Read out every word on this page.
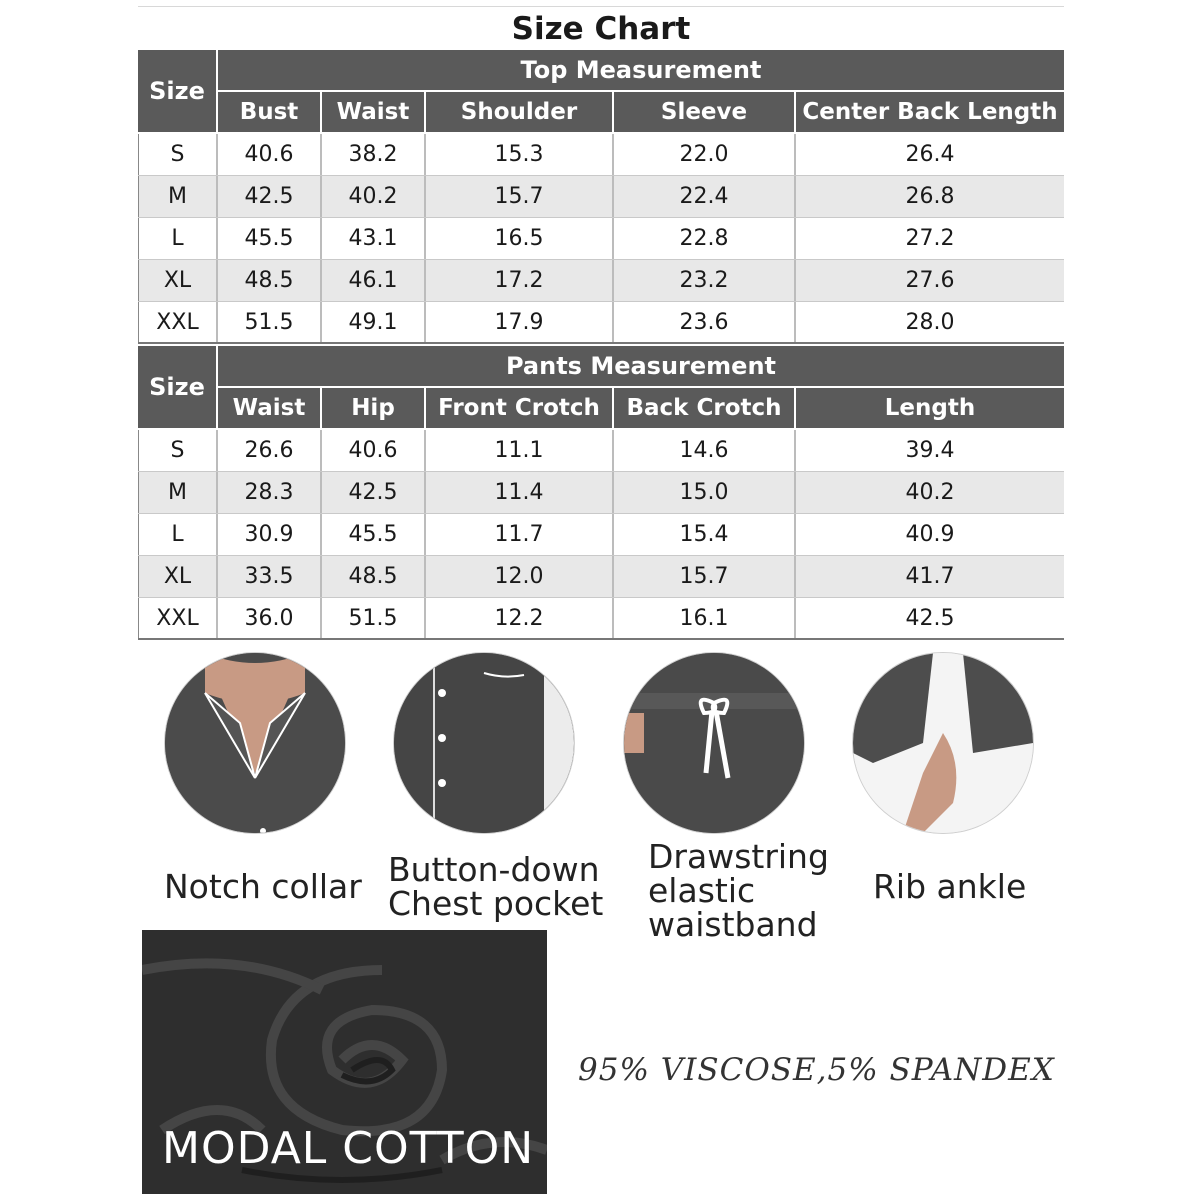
Size Chart
Size
Top Measurement
Bust	Waist	Shoulder	Sleeve	Center Back Length
S	40.6	38.2	15.3	22.0	26.4
M	42.5	40.2	15.7	22.4	26.8
L	45.5	43.1	16.5	22.8	27.2
XL	48.5	46.1	17.2	23.2	27.6
XXL	51.5	49.1	17.9	23.6	28.0
Size
Pants Measurement
Waist	Hip	Front Crotch	Back Crotch	Length
S	26.6	40.6	11.1	14.6	39.4
M	28.3	42.5	11.4	15.0	40.2
L	30.9	45.5	11.7	15.4	40.9
XL	33.5	48.5	12.0	15.7	41.7
XXL	36.0	51.5	12.2	16.1	42.5
Notch collar Button-down
Chest pocket
Drawstring
elastic
waistband
Rib ankle
MODAL COTTON
95% VISCOSE,5% SPANDEX
